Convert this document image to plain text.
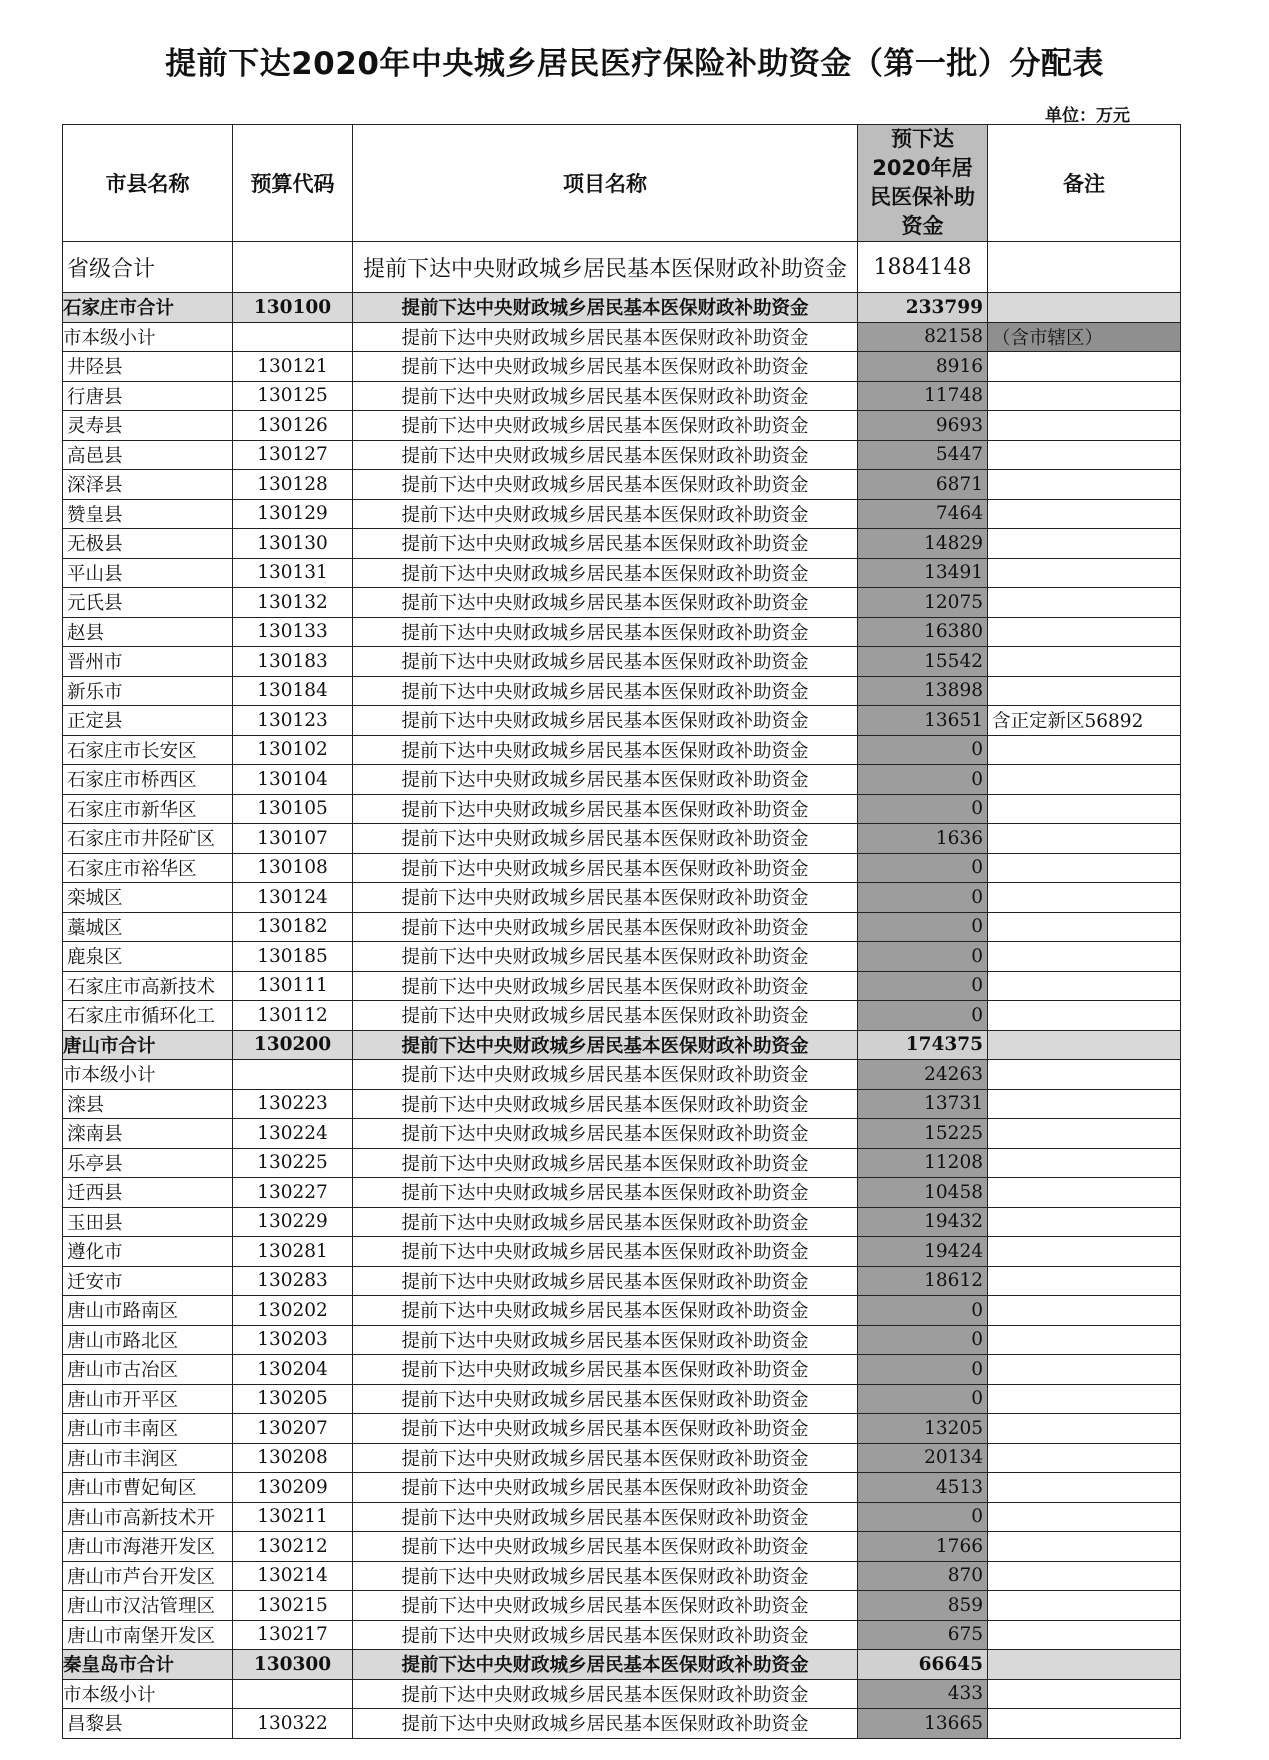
提前下达2020年中央城乡居民医疗保险补助资金（第一批）分配表
单位：万元
市县名称	预算代码	项目名称	预下达2020年居民医保补助资金	备注
省级合计		提前下达中央财政城乡居民基本医保财政补助资金	1884148	
石家庄市合计	130100	提前下达中央财政城乡居民基本医保财政补助资金	233799	
市本级小计		提前下达中央财政城乡居民基本医保财政补助资金	82158	（含市辖区）
井陉县	130121	提前下达中央财政城乡居民基本医保财政补助资金	8916	
行唐县	130125	提前下达中央财政城乡居民基本医保财政补助资金	11748	
灵寿县	130126	提前下达中央财政城乡居民基本医保财政补助资金	9693	
高邑县	130127	提前下达中央财政城乡居民基本医保财政补助资金	5447	
深泽县	130128	提前下达中央财政城乡居民基本医保财政补助资金	6871	
赞皇县	130129	提前下达中央财政城乡居民基本医保财政补助资金	7464	
无极县	130130	提前下达中央财政城乡居民基本医保财政补助资金	14829	
平山县	130131	提前下达中央财政城乡居民基本医保财政补助资金	13491	
元氏县	130132	提前下达中央财政城乡居民基本医保财政补助资金	12075	
赵县	130133	提前下达中央财政城乡居民基本医保财政补助资金	16380	
晋州市	130183	提前下达中央财政城乡居民基本医保财政补助资金	15542	
新乐市	130184	提前下达中央财政城乡居民基本医保财政补助资金	13898	
正定县	130123	提前下达中央财政城乡居民基本医保财政补助资金	13651	含正定新区56892
石家庄市长安区	130102	提前下达中央财政城乡居民基本医保财政补助资金	0	
石家庄市桥西区	130104	提前下达中央财政城乡居民基本医保财政补助资金	0	
石家庄市新华区	130105	提前下达中央财政城乡居民基本医保财政补助资金	0	
石家庄市井陉矿区	130107	提前下达中央财政城乡居民基本医保财政补助资金	1636	
石家庄市裕华区	130108	提前下达中央财政城乡居民基本医保财政补助资金	0	
栾城区	130124	提前下达中央财政城乡居民基本医保财政补助资金	0	
藁城区	130182	提前下达中央财政城乡居民基本医保财政补助资金	0	
鹿泉区	130185	提前下达中央财政城乡居民基本医保财政补助资金	0	
石家庄市高新技术	130111	提前下达中央财政城乡居民基本医保财政补助资金	0	
石家庄市循环化工	130112	提前下达中央财政城乡居民基本医保财政补助资金	0	
唐山市合计	130200	提前下达中央财政城乡居民基本医保财政补助资金	174375	
市本级小计		提前下达中央财政城乡居民基本医保财政补助资金	24263	
滦县	130223	提前下达中央财政城乡居民基本医保财政补助资金	13731	
滦南县	130224	提前下达中央财政城乡居民基本医保财政补助资金	15225	
乐亭县	130225	提前下达中央财政城乡居民基本医保财政补助资金	11208	
迁西县	130227	提前下达中央财政城乡居民基本医保财政补助资金	10458	
玉田县	130229	提前下达中央财政城乡居民基本医保财政补助资金	19432	
遵化市	130281	提前下达中央财政城乡居民基本医保财政补助资金	19424	
迁安市	130283	提前下达中央财政城乡居民基本医保财政补助资金	18612	
唐山市路南区	130202	提前下达中央财政城乡居民基本医保财政补助资金	0	
唐山市路北区	130203	提前下达中央财政城乡居民基本医保财政补助资金	0	
唐山市古冶区	130204	提前下达中央财政城乡居民基本医保财政补助资金	0	
唐山市开平区	130205	提前下达中央财政城乡居民基本医保财政补助资金	0	
唐山市丰南区	130207	提前下达中央财政城乡居民基本医保财政补助资金	13205	
唐山市丰润区	130208	提前下达中央财政城乡居民基本医保财政补助资金	20134	
唐山市曹妃甸区	130209	提前下达中央财政城乡居民基本医保财政补助资金	4513	
唐山市高新技术开	130211	提前下达中央财政城乡居民基本医保财政补助资金	0	
唐山市海港开发区	130212	提前下达中央财政城乡居民基本医保财政补助资金	1766	
唐山市芦台开发区	130214	提前下达中央财政城乡居民基本医保财政补助资金	870	
唐山市汉沽管理区	130215	提前下达中央财政城乡居民基本医保财政补助资金	859	
唐山市南堡开发区	130217	提前下达中央财政城乡居民基本医保财政补助资金	675	
秦皇岛市合计	130300	提前下达中央财政城乡居民基本医保财政补助资金	66645	
市本级小计		提前下达中央财政城乡居民基本医保财政补助资金	433	
昌黎县	130322	提前下达中央财政城乡居民基本医保财政补助资金	13665	
